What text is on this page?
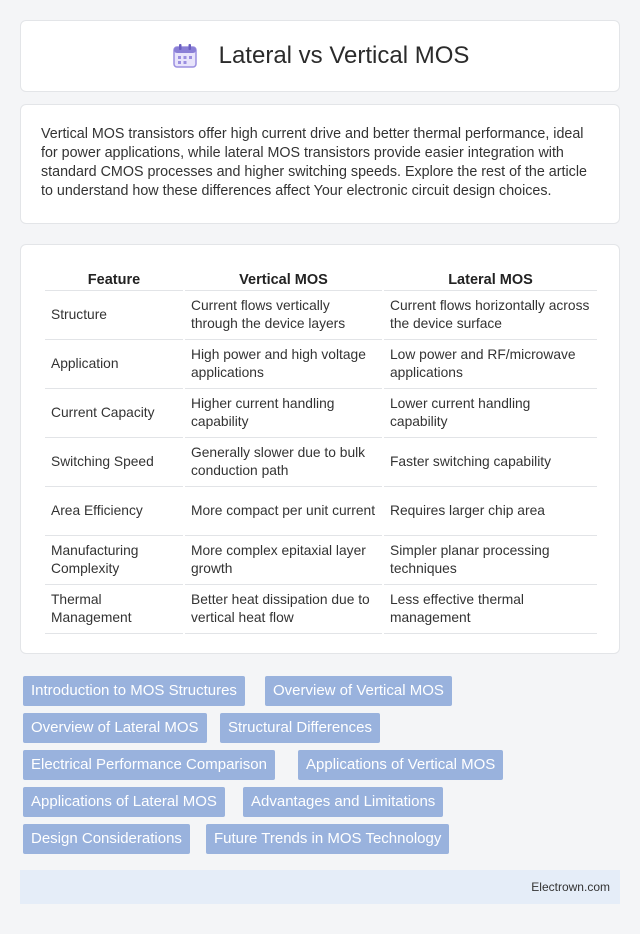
Lateral vs Vertical MOS

Vertical MOS transistors offer high current drive and better thermal performance, ideal for power applications, while lateral MOS transistors provide easier integration with standard CMOS processes and higher switching speeds. Explore the rest of the article to understand how these differences affect Your electronic circuit design choices.

Feature	Vertical MOS	Lateral MOS
Structure	Current flows vertically through the device layers	Current flows horizontally across the device surface
Application	High power and high voltage applications	Low power and RF/microwave applications
Current Capacity	Higher current handling capability	Lower current handling capability
Switching Speed	Generally slower due to bulk conduction path	Faster switching capability
Area Efficiency	More compact per unit current	Requires larger chip area
Manufacturing Complexity	More complex epitaxial layer growth	Simpler planar processing techniques
Thermal Management	Better heat dissipation due to vertical heat flow	Less effective thermal management
Introduction to MOS Structures	Overview of Vertical MOS
Overview of Lateral MOS	Structural Differences
Electrical Performance Comparison	Applications of Vertical MOS
Applications of Lateral MOS	Advantages and Limitations
Design Considerations	Future Trends in MOS Technology
Electrown.com
